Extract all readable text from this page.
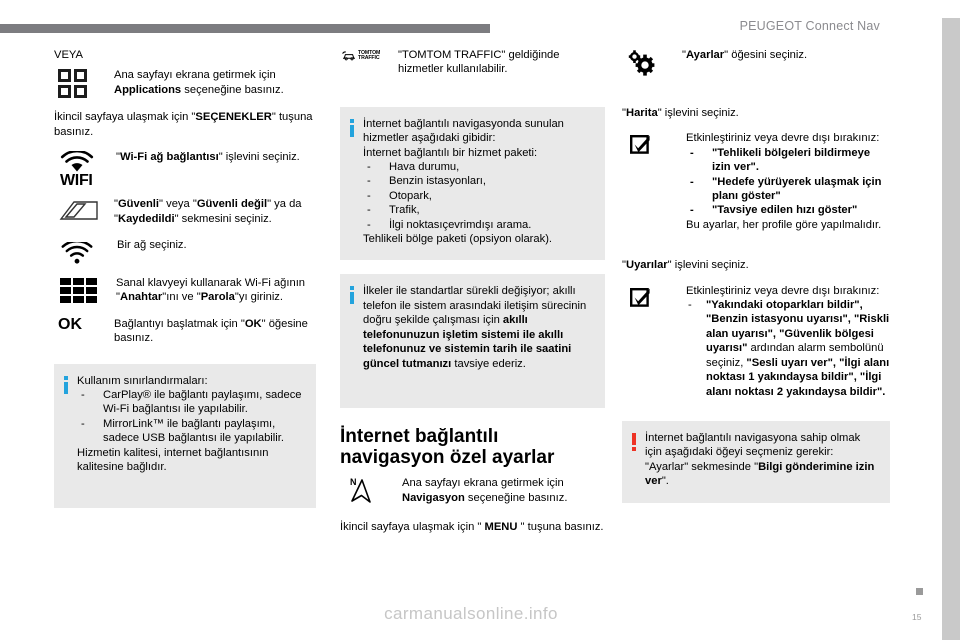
PEUGEOT Connect Nav
VEYA
Ana sayfayı ekrana getirmek için Applications seçeneğine basınız.
İkincil sayfaya ulaşmak için "SEÇENEKLER" tuşuna basınız.
WIFI
"Wi-Fi ağ bağlantısı" işlevini seçiniz.
"Güvenli" veya "Güvenli değil" ya da "Kaydedildi" sekmesini seçiniz.
Bir ağ seçiniz.
Sanal klavyeyi kullanarak Wi-Fi ağının "Anahtar"ını ve "Parola"yı giriniz.
OK	Bağlantıyı başlatmak için "OK" öğesine basınız.
Kullanım sınırlandırmaları:
- CarPlay® ile bağlantı paylaşımı, sadece Wi-Fi bağlantısı ile yapılabilir.
- MirrorLink™ ile bağlantı paylaşımı, sadece USB bağlantısı ile yapılabilir.
Hizmetin kalitesi, internet bağlantısının kalitesine bağlıdır.
TOMTOM
TRAFFIC "TOMTOM TRAFFIC" geldiğinde hizmetler kullanılabilir.
İnternet bağlantılı navigasyonda sunulan hizmetler aşağıdaki gibidir:
İnternet bağlantılı bir hizmet paketi:
- Hava durumu,
- Benzin istasyonları,
- Otopark,
- Trafik,
- İlgi noktasıçevrimdışı arama.
Tehlikeli bölge paketi (opsiyon olarak).
İlkeler ile standartlar sürekli değişiyor; akıllı telefon ile sistem arasındaki iletişim sürecinin doğru şekilde çalışması için akıllı telefonunuzun işletim sistemi ile akıllı telefonunuz ve sistemin tarih ile saatini güncel tutmanızı tavsiye ederiz.
İnternet bağlantılı navigasyon özel ayarlar
N	Ana sayfayı ekrana getirmek için Navigasyon seçeneğine basınız.
İkincil sayfaya ulaşmak için " MENU " tuşuna basınız.
"Ayarlar" öğesini seçiniz.
"Harita" işlevini seçiniz.
Etkinleştiriniz veya devre dışı bırakınız:
- "Tehlikeli bölgeleri bildirmeye izin ver".
- "Hedefe yürüyerek ulaşmak için planı göster"
- "Tavsiye edilen hızı göster"
Bu ayarlar, her profile göre yapılmalıdır.
"Uyarılar" işlevini seçiniz.
Etkinleştiriniz veya devre dışı bırakınız:
- "Yakındaki otoparkları bildir", "Benzin istasyonu uyarısı", "Riskli alan uyarısı", "Güvenlik bölgesi uyarısı" ardından alarm sembolünü seçiniz, "Sesli uyarı ver", "İlgi alanı noktası 1 yakındaysa bildir", "İlgi alanı noktası 2 yakındaysa bildir".
İnternet bağlantılı navigasyona sahip olmak için aşağıdaki öğeyi seçmeniz gerekir: "Ayarlar" sekmesinde "Bilgi gönderimine izin ver".
15
carmanualsonline.info
